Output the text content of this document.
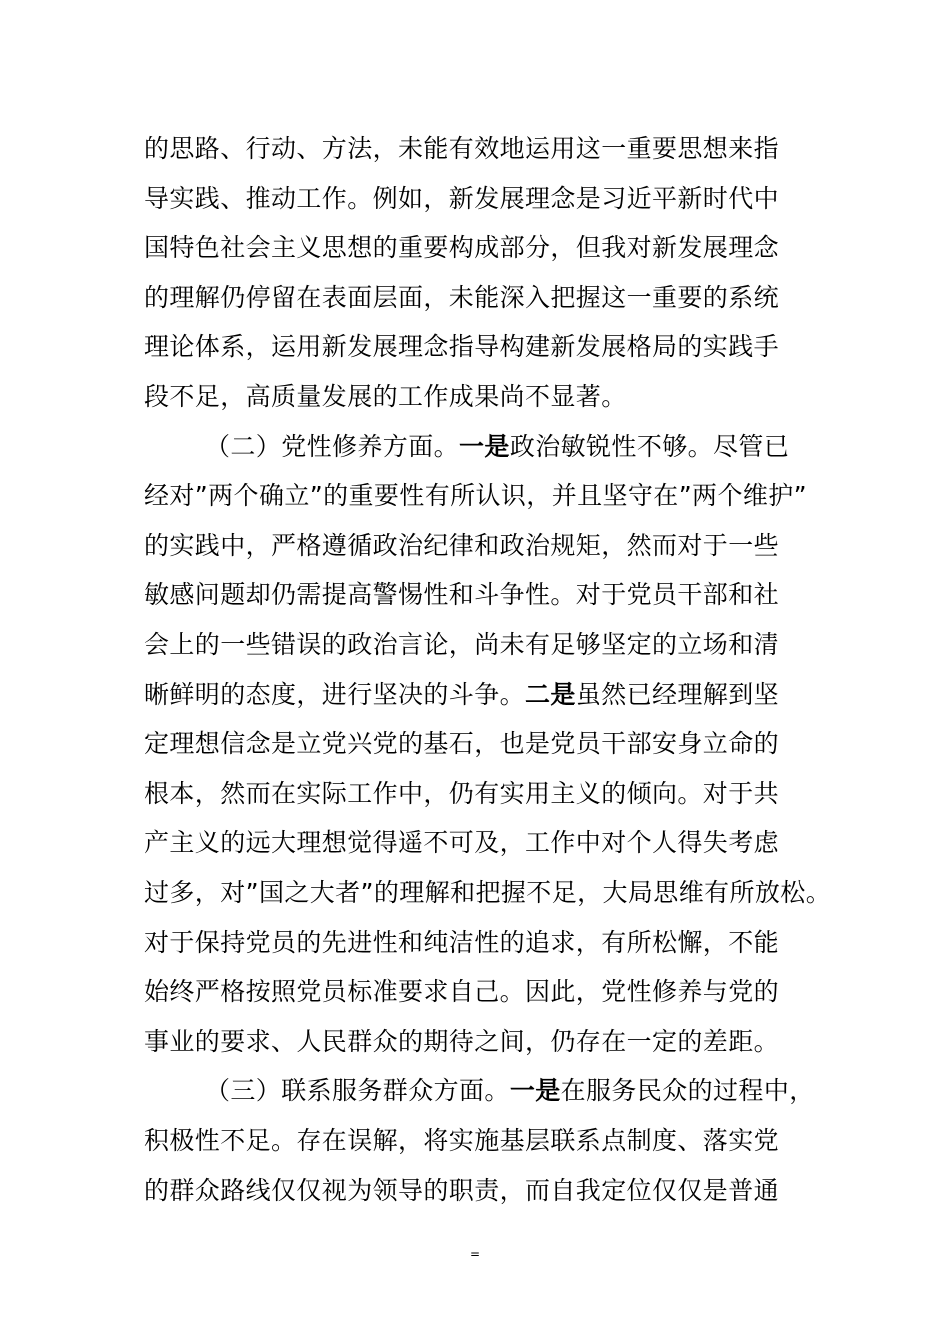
的思路、行动、方法，未能有效地运用这一重要思想来指
导实践、推动工作。例如，新发展理念是习近平新时代中
国特色社会主义思想的重要构成部分，但我对新发展理念
的理解仍停留在表面层面，未能深入把握这一重要的系统
理论体系，运用新发展理念指导构建新发展格局的实践手
段不足，高质量发展的工作成果尚不显著。
（二）党性修养方面。一是政治敏锐性不够。尽管已
经对”两个确立”的重要性有所认识，并且坚守在”两个维护”
的实践中，严格遵循政治纪律和政治规矩，然而对于一些
敏感问题却仍需提高警惕性和斗争性。对于党员干部和社
会上的一些错误的政治言论，尚未有足够坚定的立场和清
晰鲜明的态度，进行坚决的斗争。二是虽然已经理解到坚
定理想信念是立党兴党的基石，也是党员干部安身立命的
根本，然而在实际工作中，仍有实用主义的倾向。对于共
产主义的远大理想觉得遥不可及，工作中对个人得失考虑
过多，对”国之大者”的理解和把握不足，大局思维有所放松。
对于保持党员的先进性和纯洁性的追求，有所松懈，不能
始终严格按照党员标准要求自己。因此，党性修养与党的
事业的要求、人民群众的期待之间，仍存在一定的差距。
（三）联系服务群众方面。一是在服务民众的过程中，
积极性不足。存在误解，将实施基层联系点制度、落实党
的群众路线仅仅视为领导的职责，而自我定位仅仅是普通
=
